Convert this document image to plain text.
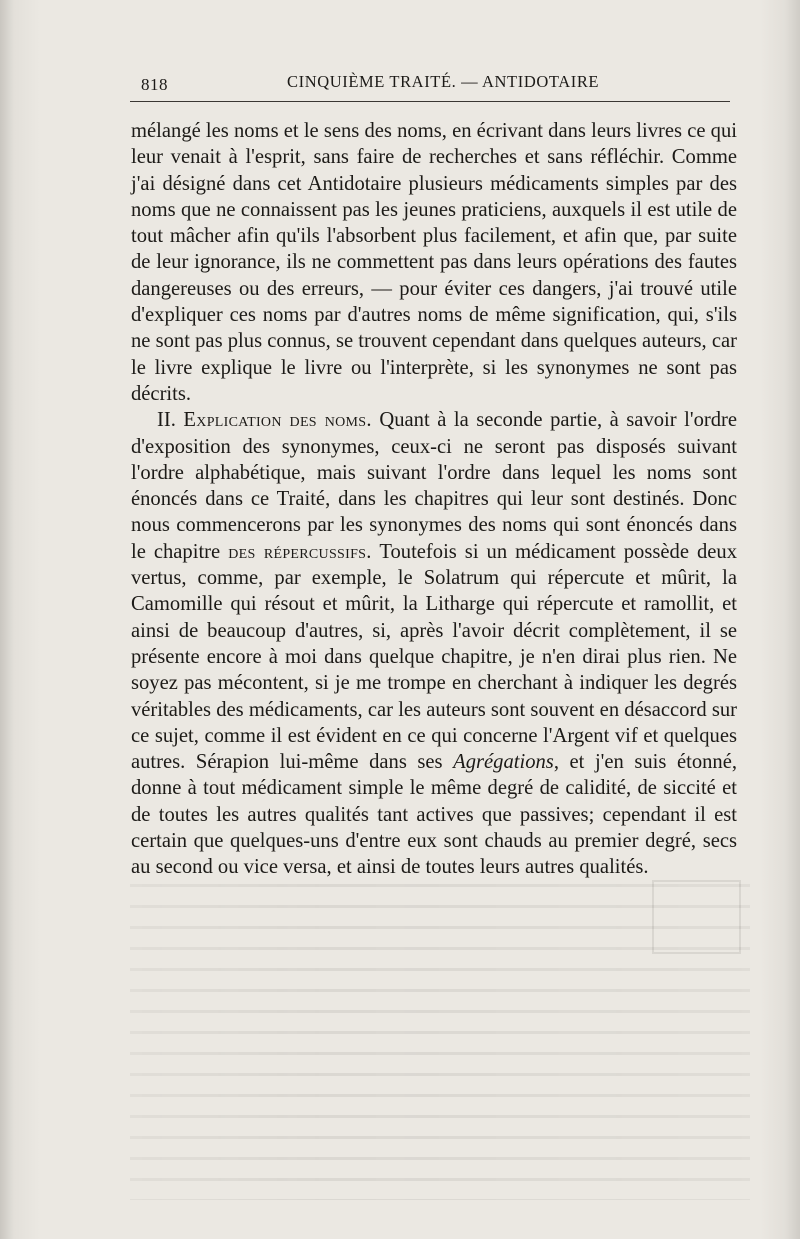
818	CINQUIÈME TRAITÉ. — ANTIDOTAIRE

mélangé les noms et le sens des noms, en écrivant dans leurs livres ce qui leur venait à l'esprit, sans faire de recherches et sans réfléchir. Comme j'ai désigné dans cet Antidotaire plusieurs médicaments simples par des noms que ne connaissent pas les jeunes praticiens, auxquels il est utile de tout mâcher afin qu'ils l'absorbent plus facilement, et afin que, par suite de leur ignorance, ils ne commettent pas dans leurs opérations des fautes dangereuses ou des erreurs, — pour éviter ces dangers, j'ai trouvé utile d'expliquer ces noms par d'autres noms de même signification, qui, s'ils ne sont pas plus connus, se trouvent cependant dans quelques auteurs, car le livre explique le livre ou l'interprète, si les synonymes ne sont pas décrits.

II. Explication des noms. Quant à la seconde partie, à savoir l'ordre d'exposition des synonymes, ceux-ci ne seront pas disposés suivant l'ordre alphabétique, mais suivant l'ordre dans lequel les noms sont énoncés dans ce Traité, dans les chapitres qui leur sont destinés. Donc nous commencerons par les synonymes des noms qui sont énoncés dans le chapitre des répercussifs. Toutefois si un médicament possède deux vertus, comme, par exemple, le Solatrum qui répercute et mûrit, la Camomille qui résout et mûrit, la Litharge qui répercute et ramollit, et ainsi de beaucoup d'autres, si, après l'avoir décrit complètement, il se présente encore à moi dans quelque chapitre, je n'en dirai plus rien. Ne soyez pas mécontent, si je me trompe en cherchant à indiquer les degrés véritables des médicaments, car les auteurs sont souvent en désaccord sur ce sujet, comme il est évident en ce qui concerne l'Argent vif et quelques autres. Sérapion lui-même dans ses Agrégations, et j'en suis étonné, donne à tout médicament simple le même degré de calidité, de siccité et de toutes les autres qualités tant actives que passives; cependant il est certain que quelques-uns d'entre eux sont chauds au premier degré, secs au second ou vice versa, et ainsi de toutes leurs autres qualités.
